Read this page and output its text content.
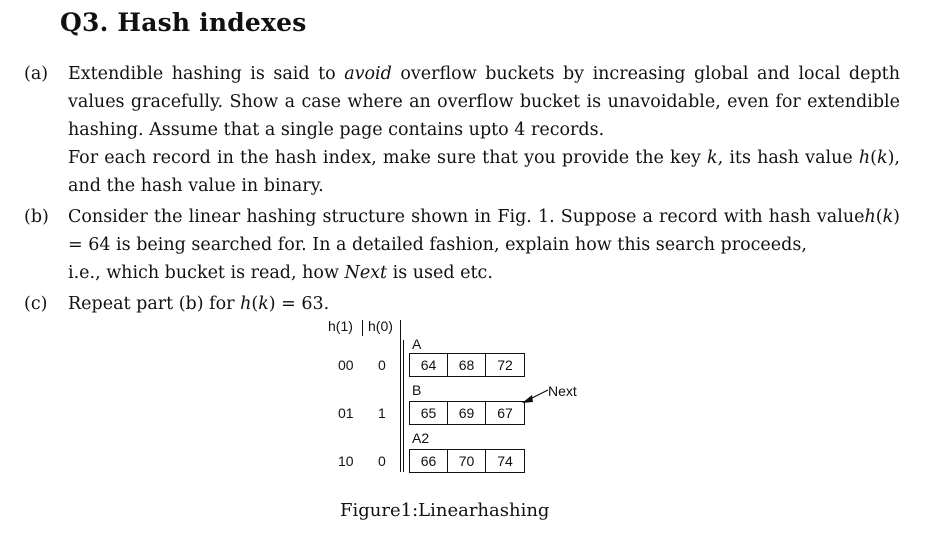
Q3. Hash indexes
(a) Extendible hashing is said to avoid overflow buckets by increasing global and local depth
values gracefully. Show a case where an overflow bucket is unavoidable, even for extendible
hashing. Assume that a single page contains upto 4 records.
For each record in the hash index, make sure that you provide the key k, its hash value h(k),
and the hash value in binary.
(b) Consider the linear hashing structure shown in Fig. 1. Suppose a record with hash valueh(k)
= 64 is being searched for. In a detailed fashion, explain how this search proceeds,
i.e., which bucket is read, how Next is used etc.
(c) Repeat part (b) for h(k) = 63.
h(1) h(0)
00 0
A
64	68	72
01 1
B
65	69	67
10 0
A2
66	70	74
Next
Figure1:Linearhashing
